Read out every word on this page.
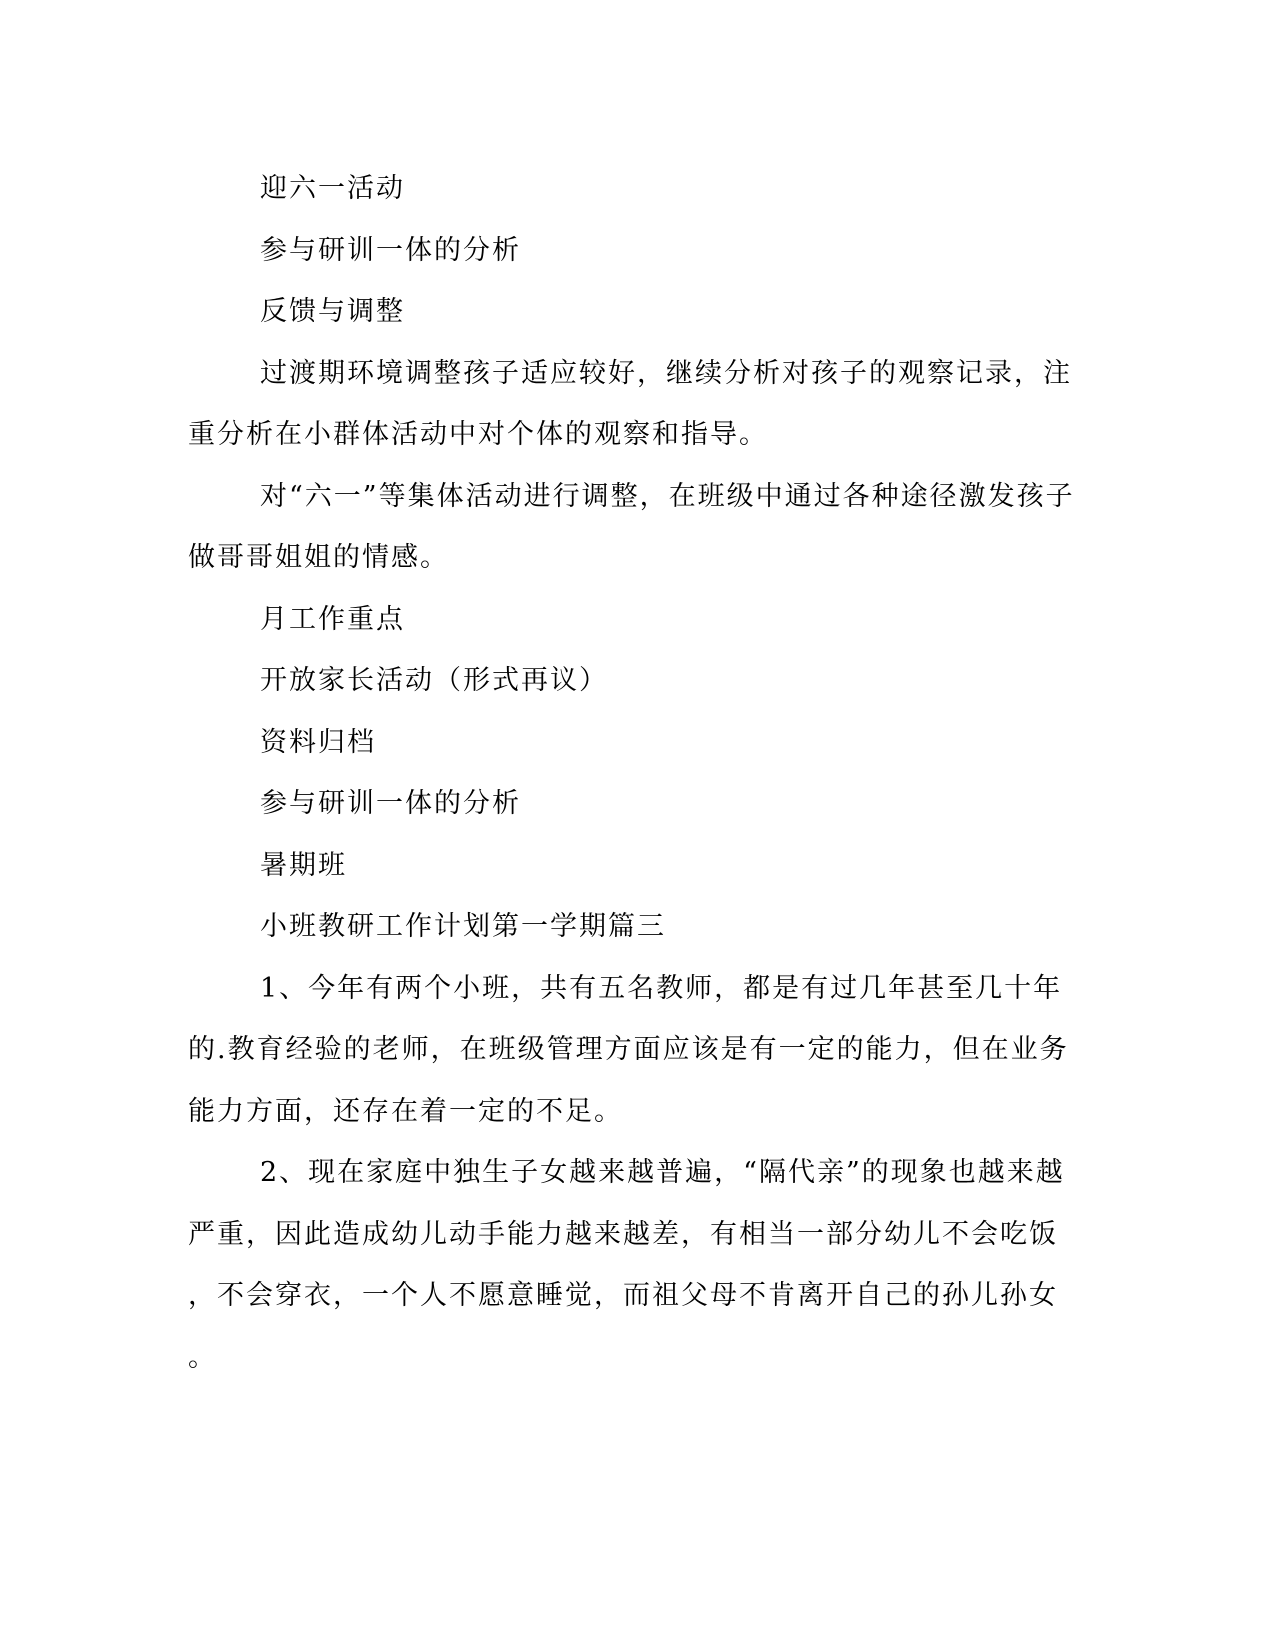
迎六一活动
参与研训一体的分析
反馈与调整
过渡期环境调整孩子适应较好，继续分析对孩子的观察记录，注
重分析在小群体活动中对个体的观察和指导。
对“六一”等集体活动进行调整，在班级中通过各种途径激发孩子
做哥哥姐姐的情感。
月工作重点
开放家长活动（形式再议）
资料归档
参与研训一体的分析
暑期班
小班教研工作计划第一学期篇三
1、今年有两个小班，共有五名教师，都是有过几年甚至几十年
的.教育经验的老师，在班级管理方面应该是有一定的能力，但在业务
能力方面，还存在着一定的不足。
2、现在家庭中独生子女越来越普遍，“隔代亲”的现象也越来越
严重，因此造成幼儿动手能力越来越差，有相当一部分幼儿不会吃饭
，不会穿衣，一个人不愿意睡觉，而祖父母不肯离开自己的孙儿孙女
。
